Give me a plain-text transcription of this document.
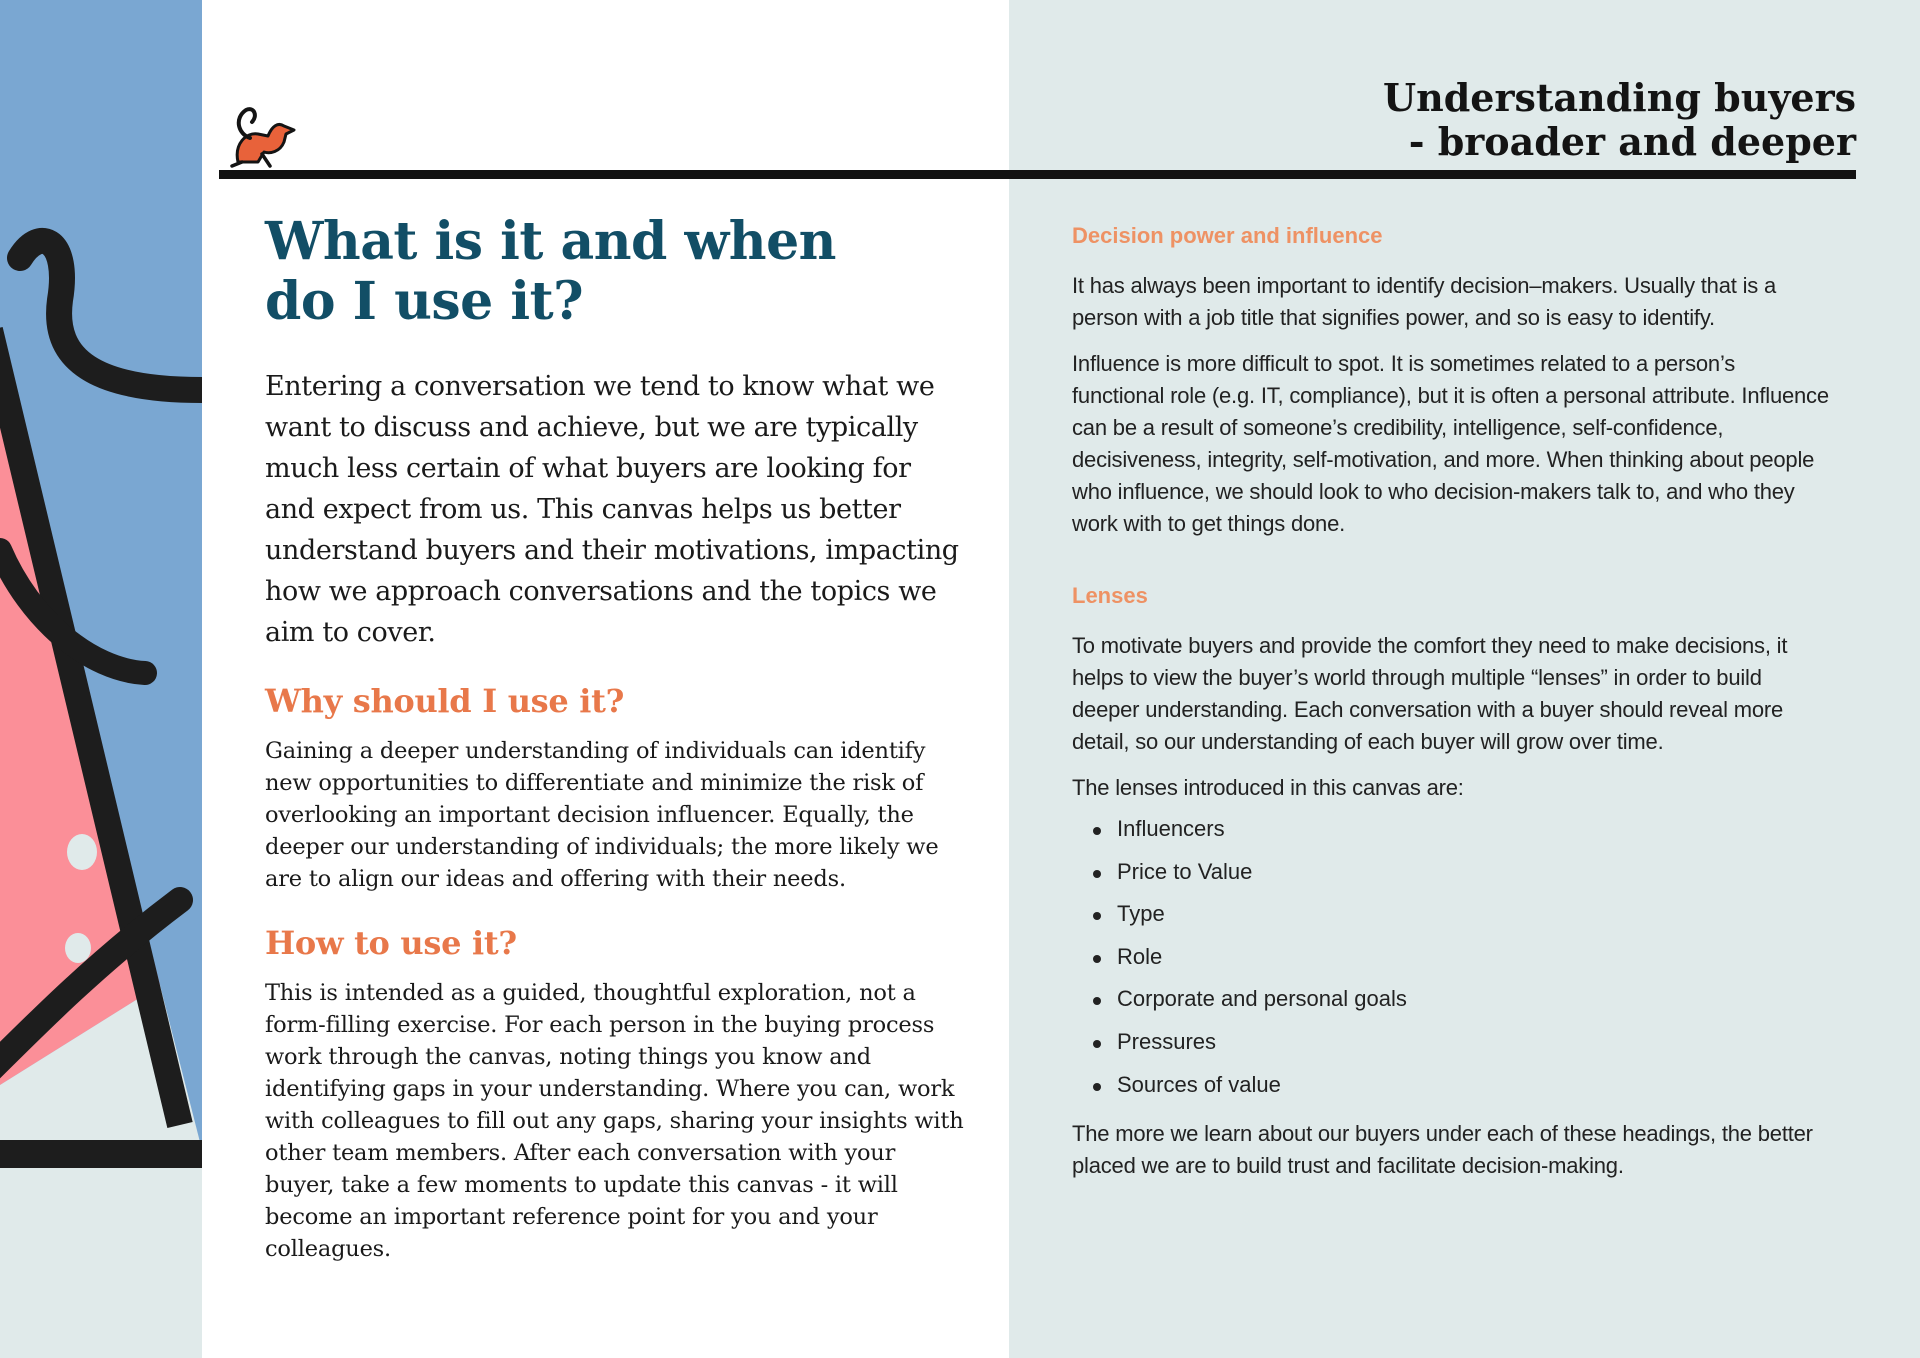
Understanding buyers
- broader and deeper
What is it and when
do I use it?

Entering a conversation we tend to know what we want to discuss and achieve, but we are typically much less certain of what buyers are looking for and expect from us. This canvas helps us better understand buyers and their motivations, impacting how we approach conversations and the topics we aim to cover.

Why should I use it?

Gaining a deeper understanding of individuals can identify new opportunities to differentiate and minimize the risk of overlooking an important decision influencer. Equally, the deeper our understanding of individuals; the more likely we are to align our ideas and offering with their needs.

How to use it?

This is intended as a guided, thoughtful exploration, not a form-filling exercise. For each person in the buying process work through the canvas, noting things you know and identifying gaps in your understanding. Where you can, work with colleagues to fill out any gaps, sharing your insights with other team members. After each conversation with your buyer, take a few moments to update this canvas - it will become an important reference point for you and your colleagues.

Decision power and influence

It has always been important to identify decision–makers. Usually that is a person with a job title that signifies power, and so is easy to identify.

Influence is more difficult to spot. It is sometimes related to a person’s functional role (e.g. IT, compliance), but it is often a personal attribute. Influence can be a result of someone’s credibility, intelligence, self-confidence, decisiveness, integrity, self-motivation, and more. When thinking about people who influence, we should look to who decision-makers talk to, and who they work with to get things done.

Lenses

To motivate buyers and provide the comfort they need to make decisions, it helps to view the buyer’s world through multiple “lenses” in order to build deeper understanding. Each conversation with a buyer should reveal more detail, so our understanding of each buyer will grow over time.

The lenses introduced in this canvas are:

Influencers
Price to Value
Type
Role
Corporate and personal goals
Pressures
Sources of value

The more we learn about our buyers under each of these headings, the better placed we are to build trust and facilitate decision-making.
